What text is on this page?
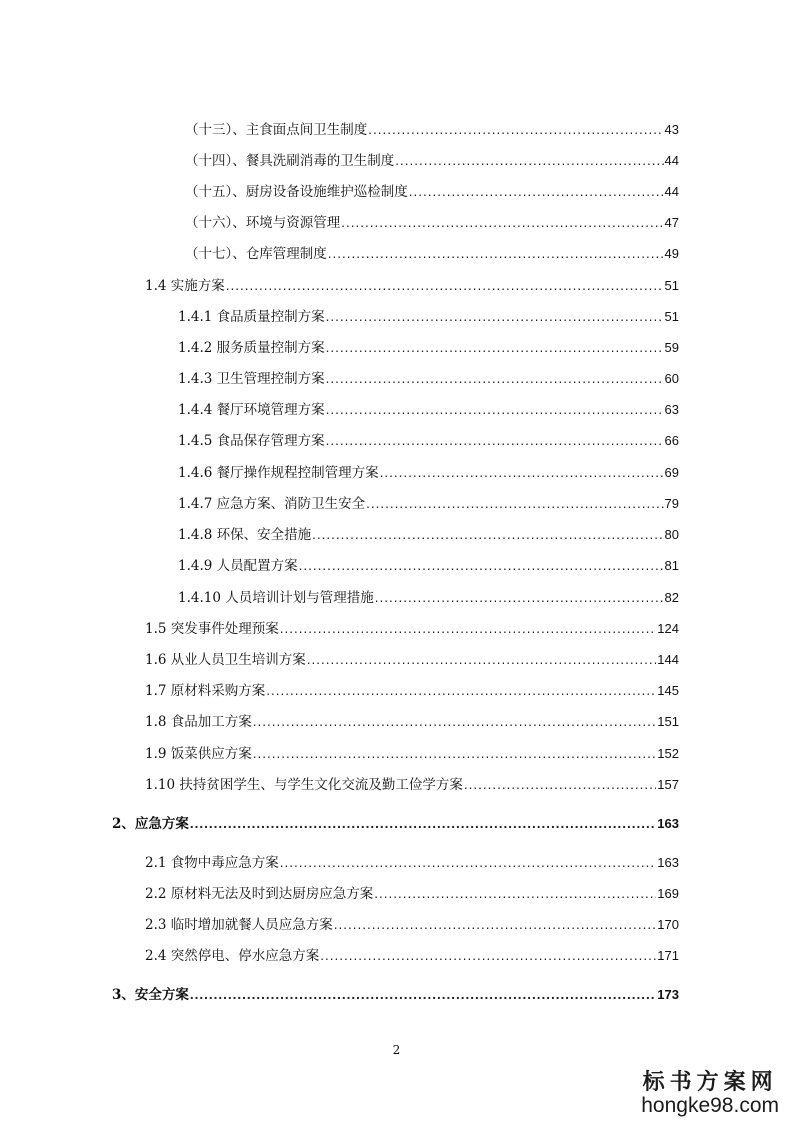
（十三）、主食面点间卫生制度 .....	43
（十四）、餐具洗刷消毒的卫生制度 .....	44
（十五）、厨房设备设施维护巡检制度 .....	44
（十六）、环境与资源管理 .....	47
（十七）、仓库管理制度 .....	49
1.4 实施方案 .....	51
1.4.1 食品质量控制方案 .....	51
1.4.2 服务质量控制方案 .....	59
1.4.3 卫生管理控制方案 .....	60
1.4.4 餐厅环境管理方案 .....	63
1.4.5 食品保存管理方案 .....	66
1.4.6 餐厅操作规程控制管理方案 .....	69
1.4.7 应急方案、消防卫生安全 .....	79
1.4.8 环保、安全措施 .....	80
1.4.9 人员配置方案 .....	81
1.4.10 人员培训计划与管理措施 .....	82
1.5 突发事件处理预案 .....	124
1.6 从业人员卫生培训方案 .....	144
1.7 原材料采购方案 .....	145
1.8 食品加工方案 .....	151
1.9 饭菜供应方案 .....	152
1.10 扶持贫困学生、与学生文化交流及勤工俭学方案 .....	157
2、应急方案 .....	163
2.1 食物中毒应急方案 .....	163
2.2 原材料无法及时到达厨房应急方案 .....	169
2.3 临时增加就餐人员应急方案 .....	170
2.4 突然停电、停水应急方案 .....	171
3、安全方案 .....	173
2
标书方案网
hongke98.com
